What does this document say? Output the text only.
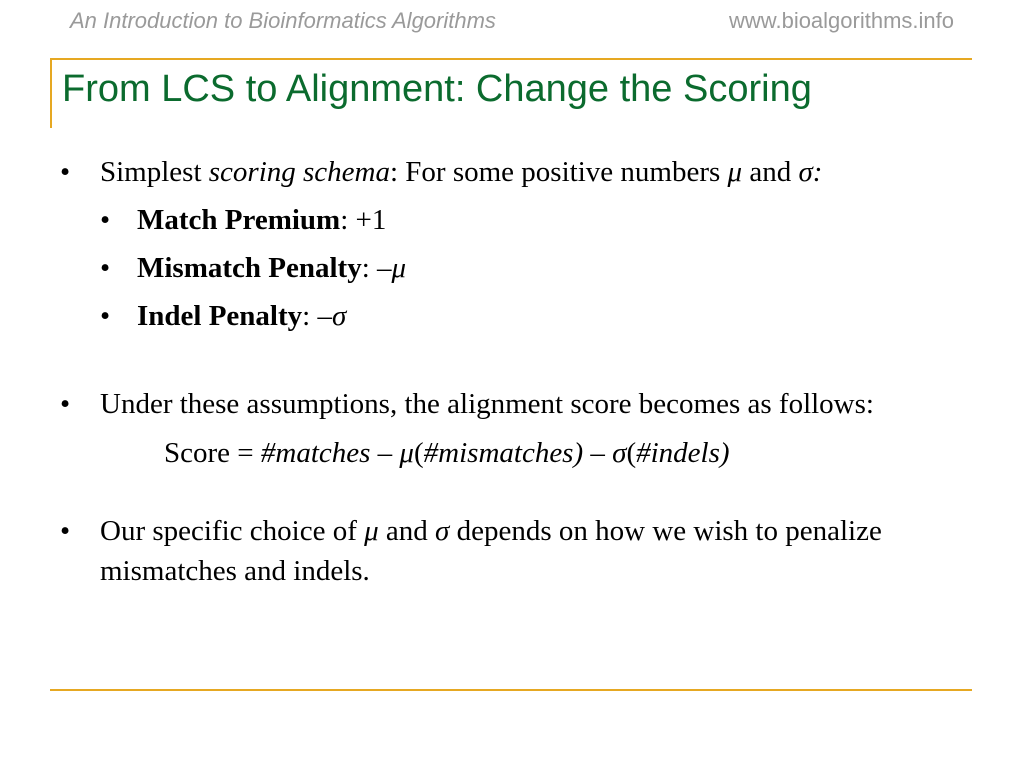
An Introduction to Bioinformatics Algorithms	www.bioalgorithms.info
From LCS to Alignment: Change the Scoring
• Simplest scoring schema: For some positive numbers μ and σ:
• Match Premium: +1
• Mismatch Penalty: –μ
• Indel Penalty: –σ
• Under these assumptions, the alignment score becomes as follows:
Score = #matches – μ(#mismatches) – σ(#indels)
• Our specific choice of μ and σ depends on how we wish to penalize mismatches and indels.
